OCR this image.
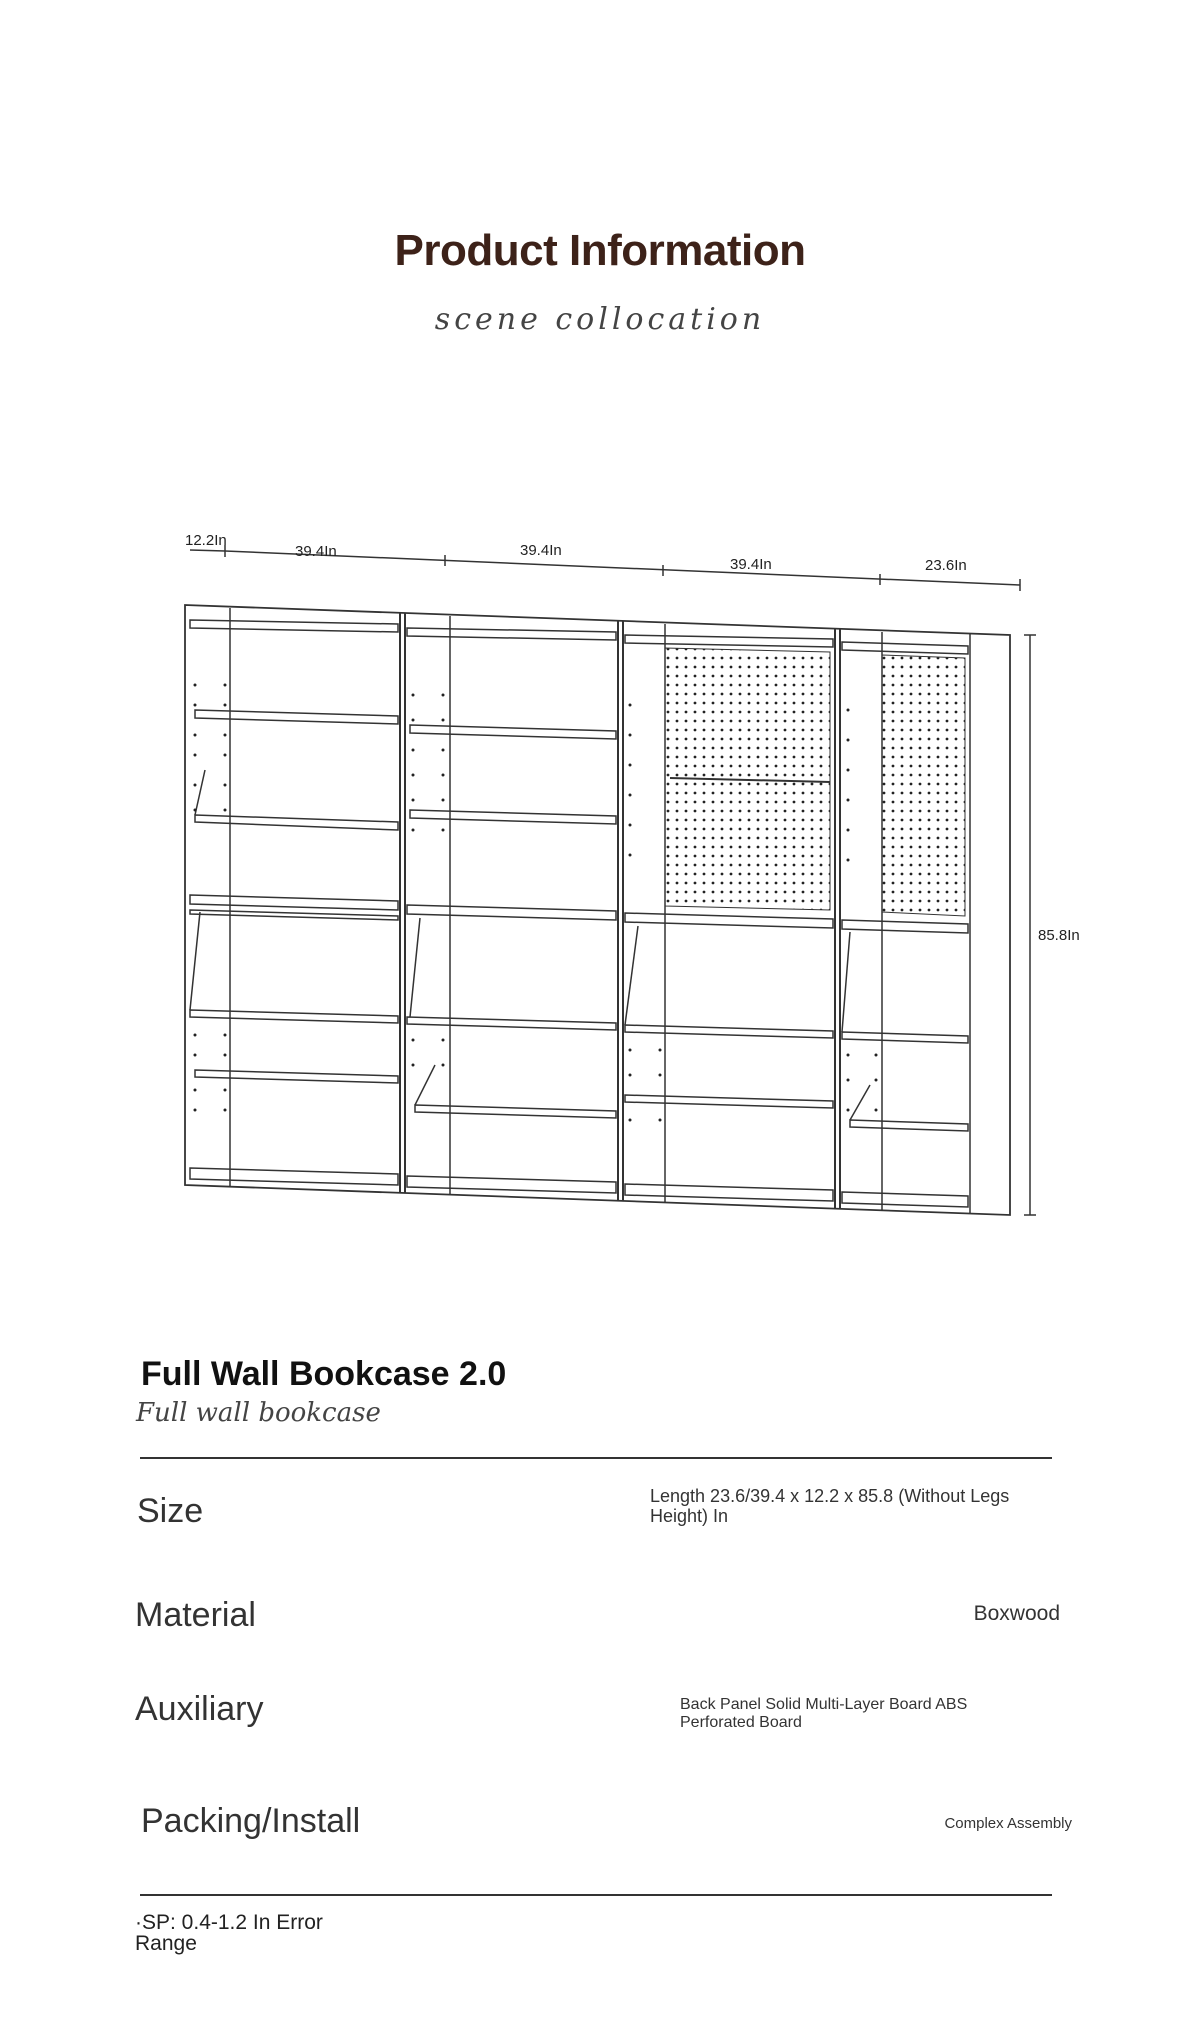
Product Information
scene collocation
12.2In
39.4In	39.4In
39.4In	23.6In
85.8In
Full Wall Bookcase 2.0
Full wall bookcase
Size	Length 23.6/39.4 x 12.2 x 85.8 (Without Legs Height) In
Material	Boxwood
Auxiliary	Back Panel Solid Multi-Layer Board ABS Perforated Board
Packing/Install	Complex Assembly
·SP: 0.4-1.2 In Error Range
